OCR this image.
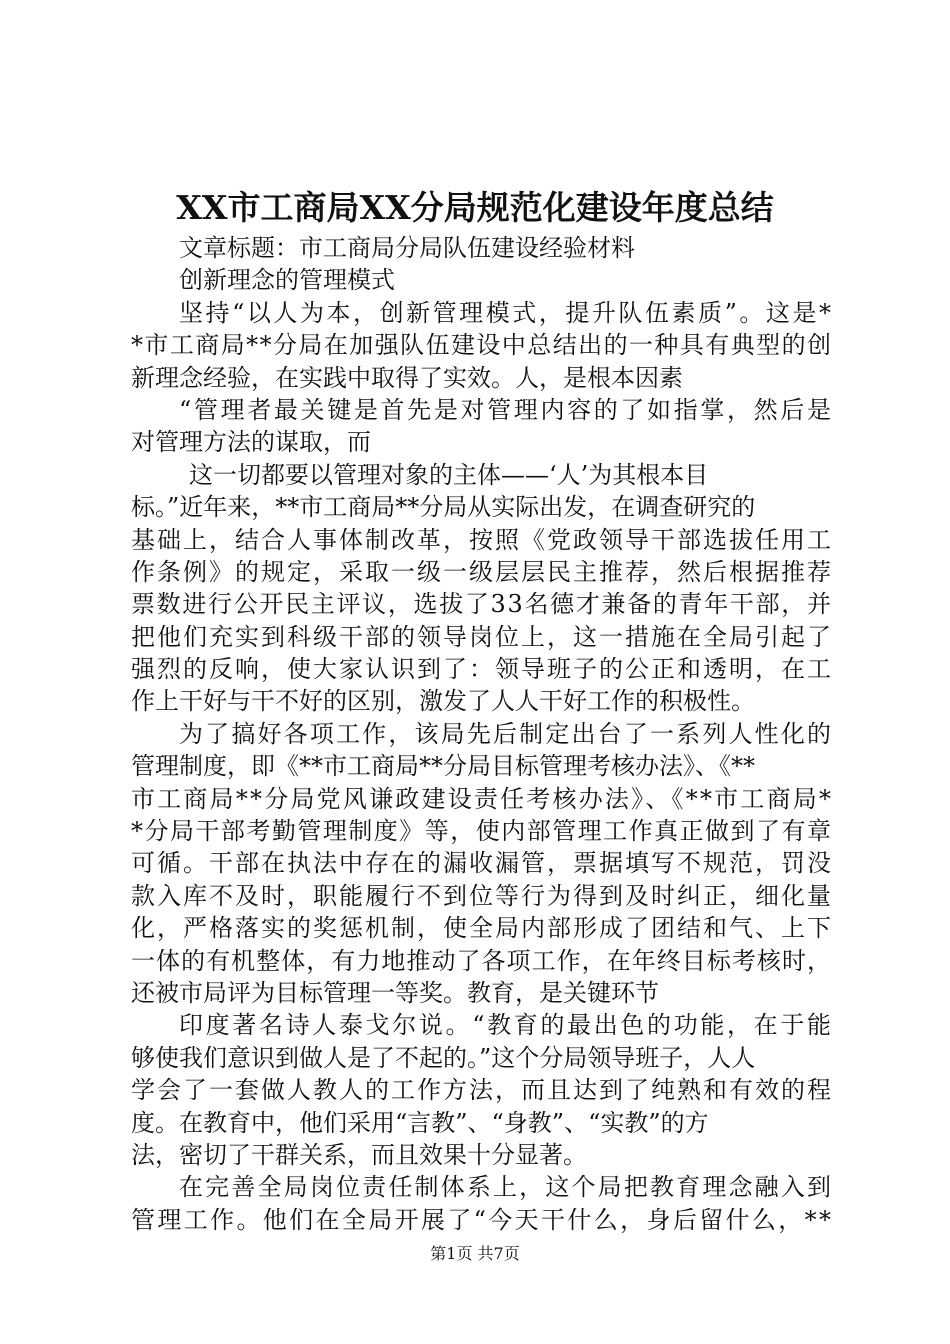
XX市工商局XX分局规范化建设年度总结
文章标题：市工商局分局队伍建设经验材料
创新理念的管理模式
坚持“以人为本，创新管理模式，提升队伍素质”。这是*
*市工商局**分局在加强队伍建设中总结出的一种具有典型的创
新理念经验，在实践中取得了实效。人，是根本因素
“管理者最关键是首先是对管理内容的了如指掌，然后是
对管理方法的谋取，而
这一切都要以管理对象的主体——‘人’为其根本目
标。”近年来，**市工商局**分局从实际出发，在调查研究的
基础上，结合人事体制改革，按照《党政领导干部选拔任用工
作条例》的规定，采取一级一级层层民主推荐，然后根据推荐
票数进行公开民主评议，选拔了33名德才兼备的青年干部，并
把他们充实到科级干部的领导岗位上，这一措施在全局引起了
强烈的反响，使大家认识到了：领导班子的公正和透明，在工
作上干好与干不好的区别，激发了人人干好工作的积极性。
为了搞好各项工作，该局先后制定出台了一系列人性化的
管理制度，即《**市工商局**分局目标管理考核办法》、《**
市工商局**分局党风谦政建设责任考核办法》、《**市工商局*
*分局干部考勤管理制度》等，使内部管理工作真正做到了有章
可循。干部在执法中存在的漏收漏管，票据填写不规范，罚没
款入库不及时，职能履行不到位等行为得到及时纠正，细化量
化，严格落实的奖惩机制，使全局内部形成了团结和气、上下
一体的有机整体，有力地推动了各项工作，在年终目标考核时，
还被市局评为目标管理一等奖。教育，是关键环节
印度著名诗人泰戈尔说。“教育的最出色的功能，在于能
够使我们意识到做人是了不起的。”这个分局领导班子，人人
学会了一套做人教人的工作方法，而且达到了纯熟和有效的程
度。在教育中，他们采用“言教”、“身教”、“实教”的方
法，密切了干群关系，而且效果十分显著。
在完善全局岗位责任制体系上，这个局把教育理念融入到
管理工作。他们在全局开展了“今天干什么，身后留什么，**
第1页 共7页
